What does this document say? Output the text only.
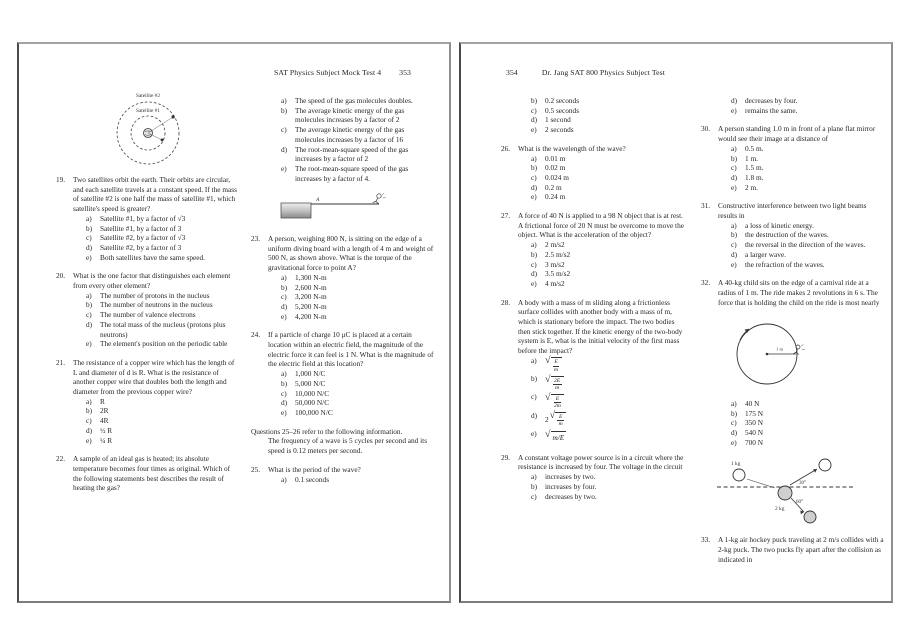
SAT Physics Subject Mock Test 4 353
Satellite #2
Satellite #1
19.	Two satellites orbit the earth. Their orbits are circular, and each satellite travels at a constant speed. If the mass of satellite #2 is one half the mass of satellite #1, which satellite's speed is greater?
a)	Satellite #1, by a factor of √3
b)	Satellite #1, by a factor of 3
c)	Satellite #2, by a factor of √3
d)	Satellite #2, by a factor of 3
e)	Both satellites have the same speed.
20.	What is the one factor that distinguishes each element from every other element?
a)	The number of protons in the nucleus
b)	The number of neutrons in the nucleus
c)	The number of valence electrons
d)	The total mass of the nucleus (protons plus neutrons)
e)	The element's position on the periodic table
21.	The resistance of a copper wire which has the length of L and diameter of d is R. What is the resistance of another copper wire that doubles both the length and diameter from the previous copper wire?
a)	R
b)	2R
c)	4R
d)	½ R
e)	¼ R
22.	A sample of an ideal gas is heated; its absolute temperature becomes four times as original. Which of the following statements best describes the result of heating the gas?
a)	The speed of the gas molecules doubles.
b)	The average kinetic energy of the gas molecules increases by a factor of 2
c)	The average kinetic energy of the gas molecules increases by a factor of 16
d)	The root-mean-square speed of the gas increases by a factor of 2
e)	The root-mean-square speed of the gas increases by a factor of 4.
A
23.	A person, weighing 800 N, is sitting on the edge of a uniform diving board with a length of 4 m and weight of 500 N, as shown above. What is the torque of the gravitational force to point A?
a)	1,300 N-m
b)	2,600 N-m
c)	3,200 N-m
d)	5,200 N-m
e)	4,200 N-m
24.	If a particle of charge 10 μC is placed at a certain location within an electric field, the magnitude of the electric force it can feel is 1 N. What is the magnitude of the electric field at this location?
a)	1,000 N/C
b)	5,000 N/C
c)	10,000 N/C
d)	50,000 N/C
e)	100,000 N/C
Questions 25–26 refer to the following information.
The frequency of a wave is 5 cycles per second and its speed is 0.12 meters per second.
25.	What is the period of the wave?
a)	0.1 seconds
354	Dr. Jang SAT 800 Physics Subject Test
b)	0.2 seconds
c)	0.5 seconds
d)	1 second
e)	2 seconds
26.	What is the wavelength of the wave?
a)	0.01 m
b)	0.02 m
c)	0.024 m
d)	0.2 m
e)	0.24 m
27.	A force of 40 N is applied to a 98 N object that is at rest. A frictional force of 20 N must be overcome to move the object. What is the acceleration of the object?
a)	2 m/s2
b)	2.5 m/s2
c)	3 m/s2
d)	3.5 m/s2
e)	4 m/s2
28.	A body with a mass of m sliding along a frictionless surface collides with another body with a mass of m, which is stationary before the impact. The two bodies then stick together. If the kinetic energy of the two-body system is E, what is the initial velocity of the first mass before the impact?
a) √ $\frac{E}{m}$
b) √ $\frac{2E}{m}$
c) √ $\frac{E}{2m}$
d)	2 √ $\frac{E}{m}$
e) √ m/E
29.	A constant voltage power source is in a circuit where the resistance is increased by four. The voltage in the circuit
a)	increases by two.
b)	increases by four.
c)	decreases by two.
d)	decreases by four.
e)	remains the same.
30.	A person standing 1.0 m in front of a plane flat mirror would see their image at a distance of
a)	0.5 m.
b)	1 m.
c)	1.5 m.
d)	1.8 m.
e)	2 m.
31.	Constructive interference between two light beams results in
a)	a loss of kinetic energy.
b)	the destruction of the waves.
c)	the reversal in the direction of the waves.
d)	a larger wave.
e)	the refraction of the waves.
32.	A 40-kg child sits on the edge of a carnival ride at a radius of 1 m. The ride makes 2 revolutions in 6 s. The force that is holding the child on the ride is most nearly
1 m
a)	40 N
b)	175 N
c)	350 N
d)	540 N
e)	700 N
1 kg
2 kg
30°
60°
33.	A 1-kg air hockey puck traveling at 2 m/s collides with a 2-kg puck. The two pucks fly apart after the collision as indicated in
